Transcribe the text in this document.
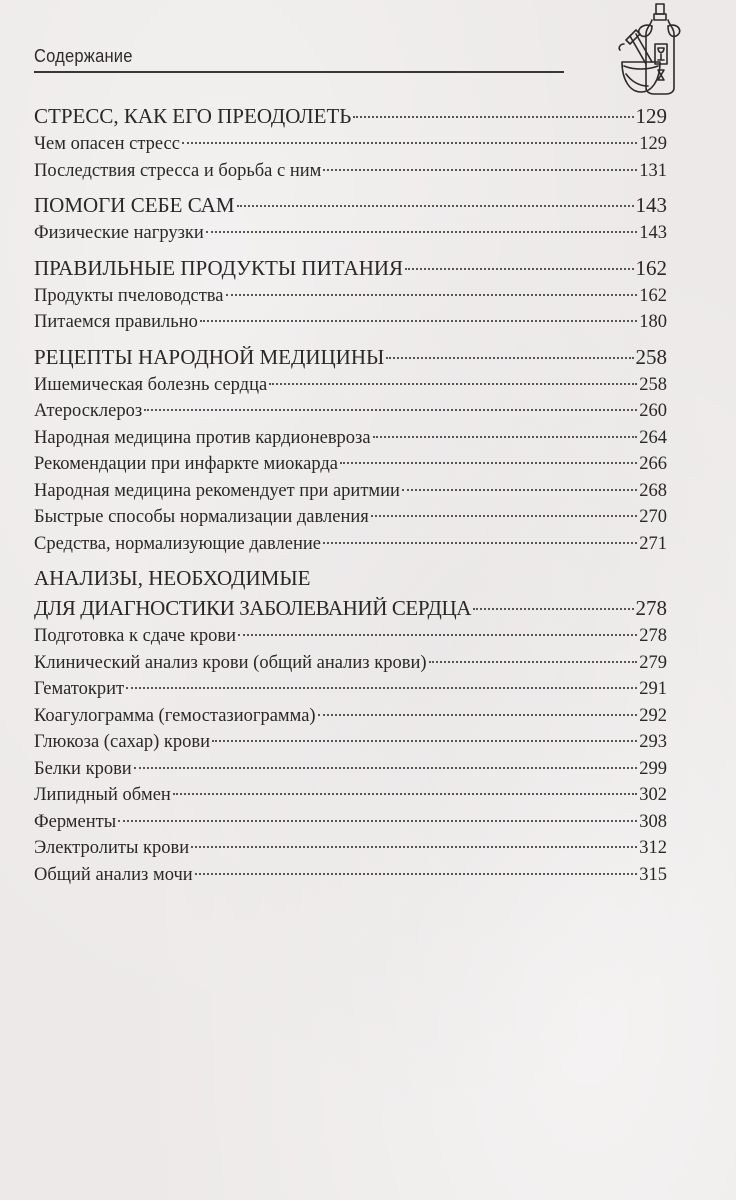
Содержание
СТРЕСС, КАК ЕГО ПРЕОДОЛЕТЬ	129
Чем опасен стресс	129
Последствия стресса и борьба с ним	131
ПОМОГИ СЕБЕ САМ	143
Физические нагрузки	143
ПРАВИЛЬНЫЕ ПРОДУКТЫ ПИТАНИЯ	162
Продукты пчеловодства	162
Питаемся правильно	180
РЕЦЕПТЫ НАРОДНОЙ МЕДИЦИНЫ	258
Ишемическая болезнь сердца	258
Атеросклероз	260
Народная медицина против кардионевроза	264
Рекомендации при инфаркте миокарда	266
Народная медицина рекомендует при аритмии	268
Быстрые способы нормализации давления	270
Средства, нормализующие давление	271
АНАЛИЗЫ, НЕОБХОДИМЫЕ
ДЛЯ ДИАГНОСТИКИ ЗАБОЛЕВАНИЙ СЕРДЦА	278
Подготовка к сдаче крови	278
Клинический анализ крови (общий анализ крови)	279
Гематокрит	291
Коагулограмма (гемостазиограмма)	292
Глюкоза (сахар) крови	293
Белки крови	299
Липидный обмен	302
Ферменты	308
Электролиты крови	312
Общий анализ мочи	315
